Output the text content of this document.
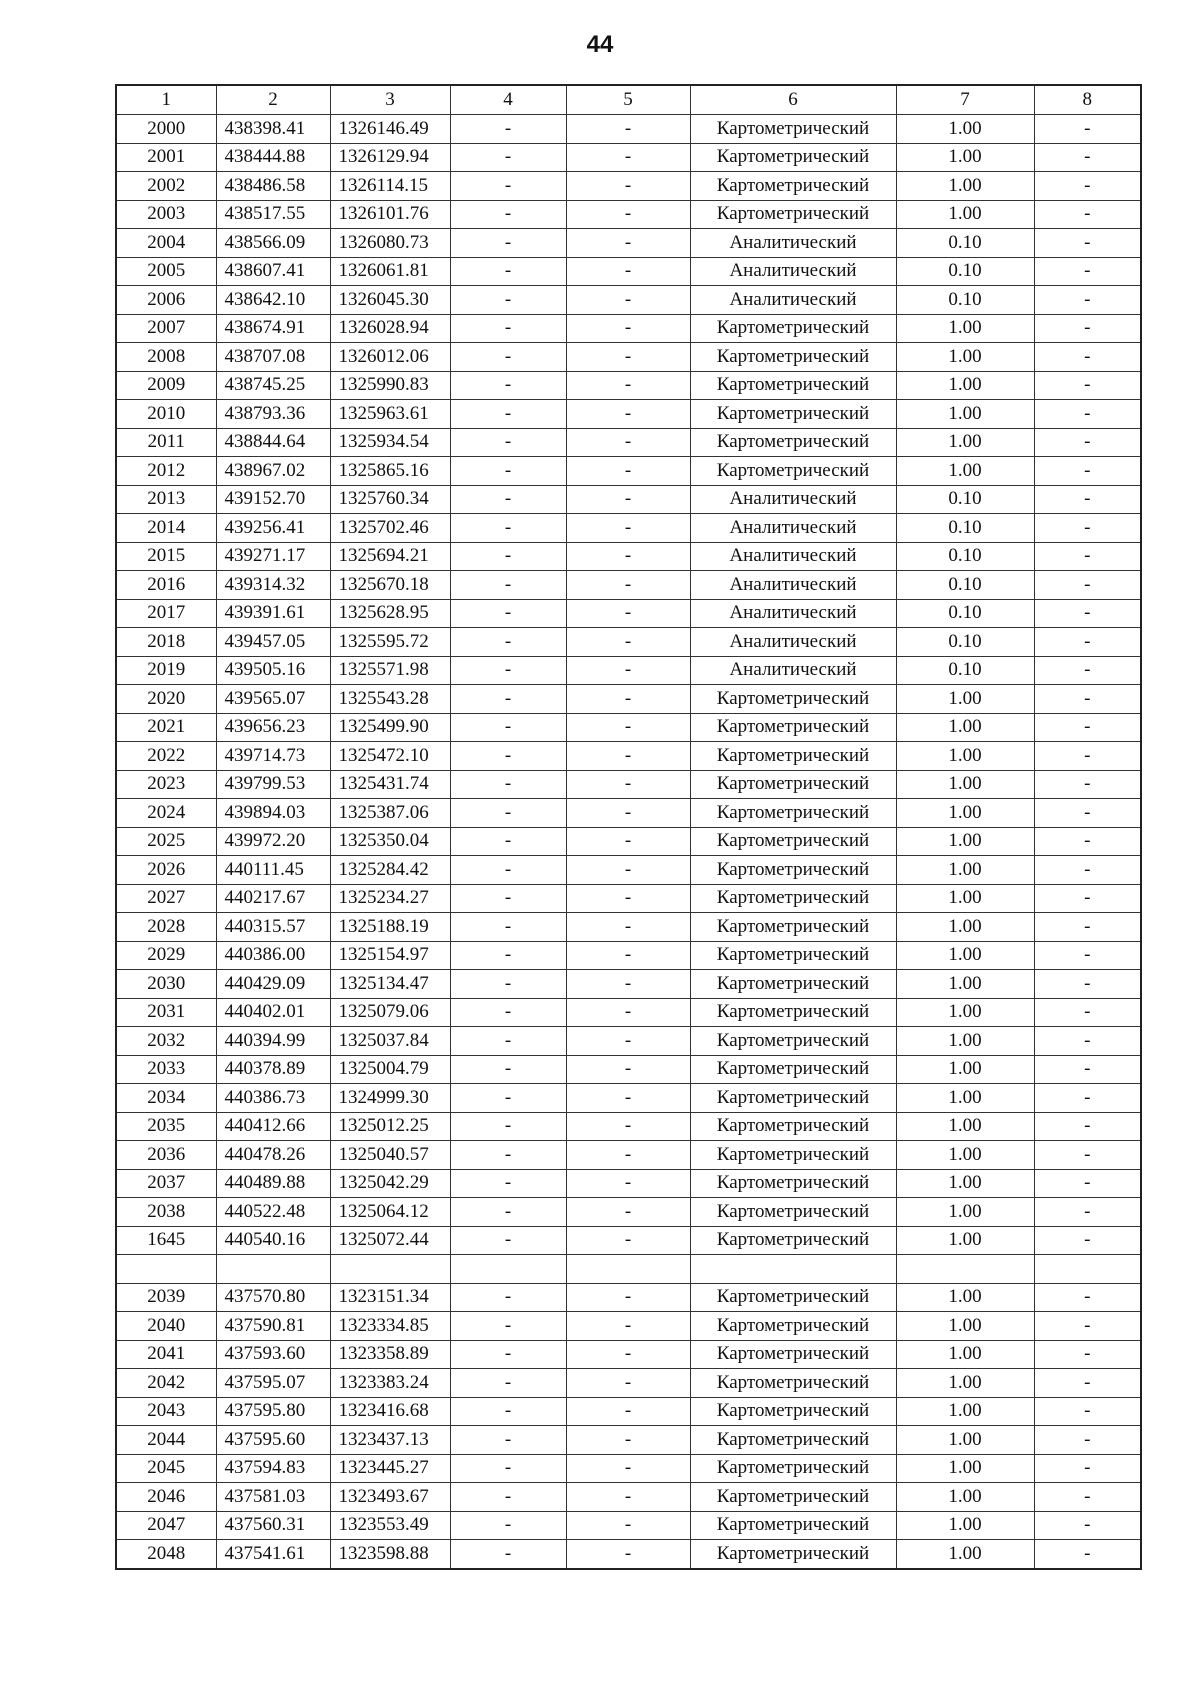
44
1	2	3	4	5	6	7	8
2000	438398.41	1326146.49	-	-	Картометрический	1.00	-
2001	438444.88	1326129.94	-	-	Картометрический	1.00	-
2002	438486.58	1326114.15	-	-	Картометрический	1.00	-
2003	438517.55	1326101.76	-	-	Картометрический	1.00	-
2004	438566.09	1326080.73	-	-	Аналитический	0.10	-
2005	438607.41	1326061.81	-	-	Аналитический	0.10	-
2006	438642.10	1326045.30	-	-	Аналитический	0.10	-
2007	438674.91	1326028.94	-	-	Картометрический	1.00	-
2008	438707.08	1326012.06	-	-	Картометрический	1.00	-
2009	438745.25	1325990.83	-	-	Картометрический	1.00	-
2010	438793.36	1325963.61	-	-	Картометрический	1.00	-
2011	438844.64	1325934.54	-	-	Картометрический	1.00	-
2012	438967.02	1325865.16	-	-	Картометрический	1.00	-
2013	439152.70	1325760.34	-	-	Аналитический	0.10	-
2014	439256.41	1325702.46	-	-	Аналитический	0.10	-
2015	439271.17	1325694.21	-	-	Аналитический	0.10	-
2016	439314.32	1325670.18	-	-	Аналитический	0.10	-
2017	439391.61	1325628.95	-	-	Аналитический	0.10	-
2018	439457.05	1325595.72	-	-	Аналитический	0.10	-
2019	439505.16	1325571.98	-	-	Аналитический	0.10	-
2020	439565.07	1325543.28	-	-	Картометрический	1.00	-
2021	439656.23	1325499.90	-	-	Картометрический	1.00	-
2022	439714.73	1325472.10	-	-	Картометрический	1.00	-
2023	439799.53	1325431.74	-	-	Картометрический	1.00	-
2024	439894.03	1325387.06	-	-	Картометрический	1.00	-
2025	439972.20	1325350.04	-	-	Картометрический	1.00	-
2026	440111.45	1325284.42	-	-	Картометрический	1.00	-
2027	440217.67	1325234.27	-	-	Картометрический	1.00	-
2028	440315.57	1325188.19	-	-	Картометрический	1.00	-
2029	440386.00	1325154.97	-	-	Картометрический	1.00	-
2030	440429.09	1325134.47	-	-	Картометрический	1.00	-
2031	440402.01	1325079.06	-	-	Картометрический	1.00	-
2032	440394.99	1325037.84	-	-	Картометрический	1.00	-
2033	440378.89	1325004.79	-	-	Картометрический	1.00	-
2034	440386.73	1324999.30	-	-	Картометрический	1.00	-
2035	440412.66	1325012.25	-	-	Картометрический	1.00	-
2036	440478.26	1325040.57	-	-	Картометрический	1.00	-
2037	440489.88	1325042.29	-	-	Картометрический	1.00	-
2038	440522.48	1325064.12	-	-	Картометрический	1.00	-
1645	440540.16	1325072.44	-	-	Картометрический	1.00	-

2039	437570.80	1323151.34	-	-	Картометрический	1.00	-
2040	437590.81	1323334.85	-	-	Картометрический	1.00	-
2041	437593.60	1323358.89	-	-	Картометрический	1.00	-
2042	437595.07	1323383.24	-	-	Картометрический	1.00	-
2043	437595.80	1323416.68	-	-	Картометрический	1.00	-
2044	437595.60	1323437.13	-	-	Картометрический	1.00	-
2045	437594.83	1323445.27	-	-	Картометрический	1.00	-
2046	437581.03	1323493.67	-	-	Картометрический	1.00	-
2047	437560.31	1323553.49	-	-	Картометрический	1.00	-
2048	437541.61	1323598.88	-	-	Картометрический	1.00	-
